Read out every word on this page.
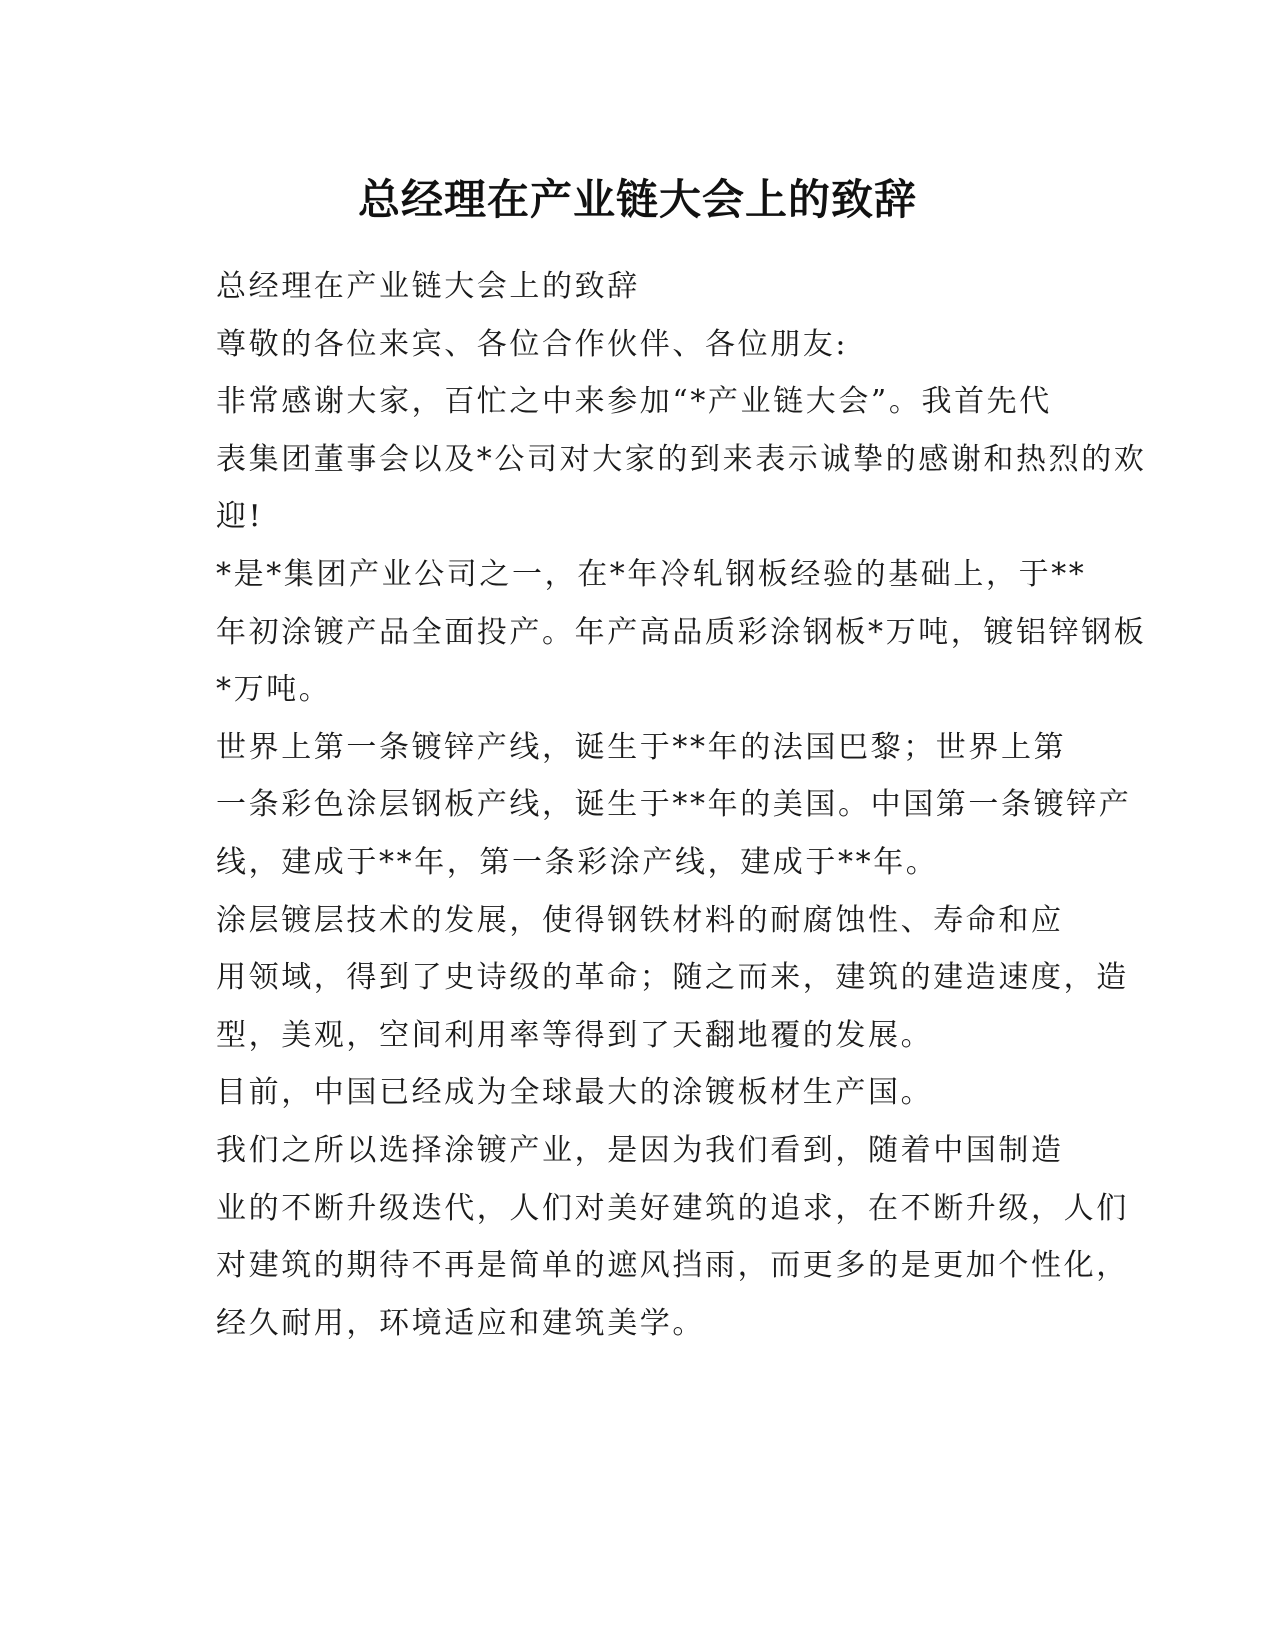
总经理在产业链大会上的致辞

总经理在产业链大会上的致辞

尊敬的各位来宾、各位合作伙伴、各位朋友:

非常感谢大家，百忙之中来参加“*产业链大会”。我首先代
表集团董事会以及*公司对大家的到来表示诚挚的感谢和热烈的欢
迎!

*是*集团产业公司之一，在*年冷轧钢板经验的基础上，于**
年初涂镀产品全面投产。年产高品质彩涂钢板*万吨，镀铝锌钢板
*万吨。

世界上第一条镀锌产线，诞生于**年的法国巴黎；世界上第
一条彩色涂层钢板产线，诞生于**年的美国。中国第一条镀锌产
线，建成于**年，第一条彩涂产线，建成于**年。

涂层镀层技术的发展，使得钢铁材料的耐腐蚀性、寿命和应
用领域，得到了史诗级的革命；随之而来，建筑的建造速度，造
型，美观，空间利用率等得到了天翻地覆的发展。

目前，中国已经成为全球最大的涂镀板材生产国。

我们之所以选择涂镀产业，是因为我们看到，随着中国制造
业的不断升级迭代，人们对美好建筑的追求，在不断升级，人们
对建筑的期待不再是简单的遮风挡雨，而更多的是更加个性化，
经久耐用，环境适应和建筑美学。
